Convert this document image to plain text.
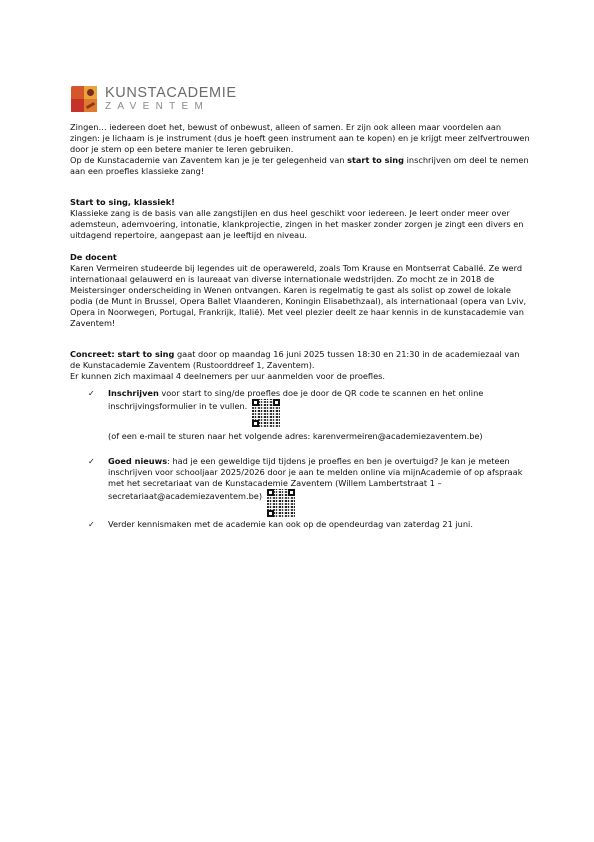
KUNSTACADEMIE
ZAVENTEM

Zingen… iedereen doet het, bewust of onbewust, alleen of samen. Er zijn ook alleen maar voordelen aan zingen: je lichaam is je instrument (dus je hoeft geen instrument aan te kopen) en je krijgt meer zelfvertrouwen door je stem op een betere manier te leren gebruiken.

Op de Kunstacademie van Zaventem kan je je ter gelegenheid van start to sing inschrijven om deel te nemen aan een proefles klassieke zang!

Start to sing, klassiek!

Klassieke zang is de basis van alle zangstijlen en dus heel geschikt voor iedereen. Je leert onder meer over ademsteun, ademvoering, intonatie, klankprojectie, zingen in het masker zonder zorgen je zingt een divers en uitdagend repertoire, aangepast aan je leeftijd en niveau.

De docent

Karen Vermeiren studeerde bij legendes uit de operawereld, zoals Tom Krause en Montserrat Caballé. Ze werd internationaal gelauwerd en is laureaat van diverse internationale wedstrijden. Zo mocht ze in 2018 de Meistersinger onderscheiding in Wenen ontvangen. Karen is regelmatig te gast als solist op zowel de lokale podia (de Munt in Brussel, Opera Ballet Vlaanderen, Koningin Elisabethzaal), als internationaal (opera van Lviv, Opera in Noorwegen, Portugal, Frankrijk, Italië). Met veel plezier deelt ze haar kennis in de kunstacademie van Zaventem!

Concreet: start to sing gaat door op maandag 16 juni 2025 tussen 18:30 en 21:30 in de academiezaal van de Kunstacademie Zaventem (Rustoorddreef 1, Zaventem).

Er kunnen zich maximaal 4 deelnemers per uur aanmelden voor de proefles.

✓ Inschrijven voor start to sing/de proefles doe je door de QR code te scannen en het online inschrijvingsformulier in te vullen.

(of een e-mail te sturen naar het volgende adres: karenvermeiren@academiezaventem.be)

✓ Goed nieuws: had je een geweldige tijd tijdens je proefles en ben je overtuigd? Je kan je meteen inschrijven voor schooljaar 2025/2026 door je aan te melden online via mijnAcademie of op afspraak met het secretariaat van de Kunstacademie Zaventem (Willem Lambertstraat 1 – secretariaat@academiezaventem.be)
✓ Verder kennismaken met de academie kan ook op de opendeurdag van zaterdag 21 juni.
